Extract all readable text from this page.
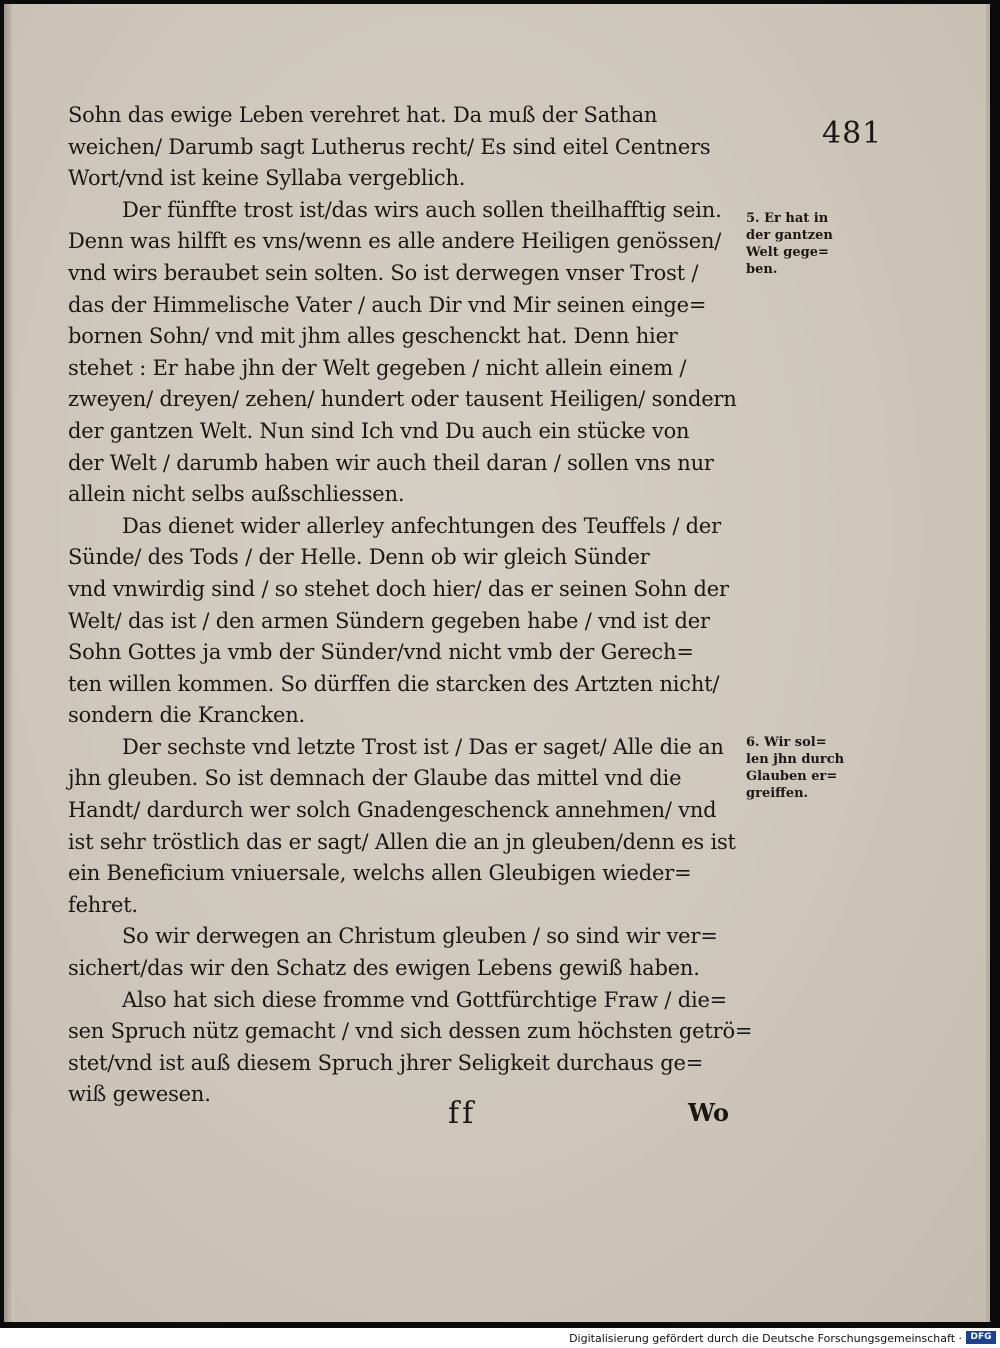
481
Sohn das ewige Leben verehret hat. Da muß der Sathan
weichen/ Darumb sagt Lutherus recht/ Es sind eitel Centners
Wort/vnd ist keine Syllaba vergeblich.
Der fünffte trost ist/das wirs auch sollen theilhafftig sein.
Denn was hilfft es vns/wenn es alle andere Heiligen genössen/
vnd wirs beraubet sein solten. So ist derwegen vnser Trost /
das der Himmelische Vater / auch Dir vnd Mir seinen einge=
bornen Sohn/ vnd mit jhm alles geschenckt hat. Denn hier
stehet : Er habe jhn der Welt gegeben / nicht allein einem /
zweyen/ dreyen/ zehen/ hundert oder tausent Heiligen/ sondern
der gantzen Welt. Nun sind Ich vnd Du auch ein stücke von
der Welt / darumb haben wir auch theil daran / sollen vns nur
allein nicht selbs außschliessen.
Das dienet wider allerley anfechtungen des Teuffels / der
Sünde/ des Tods / der Helle. Denn ob wir gleich Sünder
vnd vnwirdig sind / so stehet doch hier/ das er seinen Sohn der
Welt/ das ist / den armen Sündern gegeben habe / vnd ist der
Sohn Gottes ja vmb der Sünder/vnd nicht vmb der Gerech=
ten willen kommen. So dürffen die starcken des Artzten nicht/
sondern die Krancken.
Der sechste vnd letzte Trost ist / Das er saget/ Alle die an
jhn gleuben. So ist demnach der Glaube das mittel vnd die
Handt/ dardurch wer solch Gnadengeschenck annehmen/ vnd
ist sehr tröstlich das er sagt/ Allen die an jn gleuben/denn es ist
ein Beneficium vniuersale, welchs allen Gleubigen wieder=
fehret.
So wir derwegen an Christum gleuben / so sind wir ver=
sichert/das wir den Schatz des ewigen Lebens gewiß haben.
Also hat sich diese fromme vnd Gottfürchtige Fraw / die=
sen Spruch nütz gemacht / vnd sich dessen zum höchsten getrö=
stet/vnd ist auß diesem Spruch jhrer Seligkeit durchaus ge=
wiß gewesen.
5. Er hat in
der gantzen
Welt gege=
ben.
6. Wir sol=
len jhn durch
Glauben er=
greiffen.
ff	Wo
Digitalisierung gefördert durch die Deutsche Forschungsgemeinschaft · DFG
